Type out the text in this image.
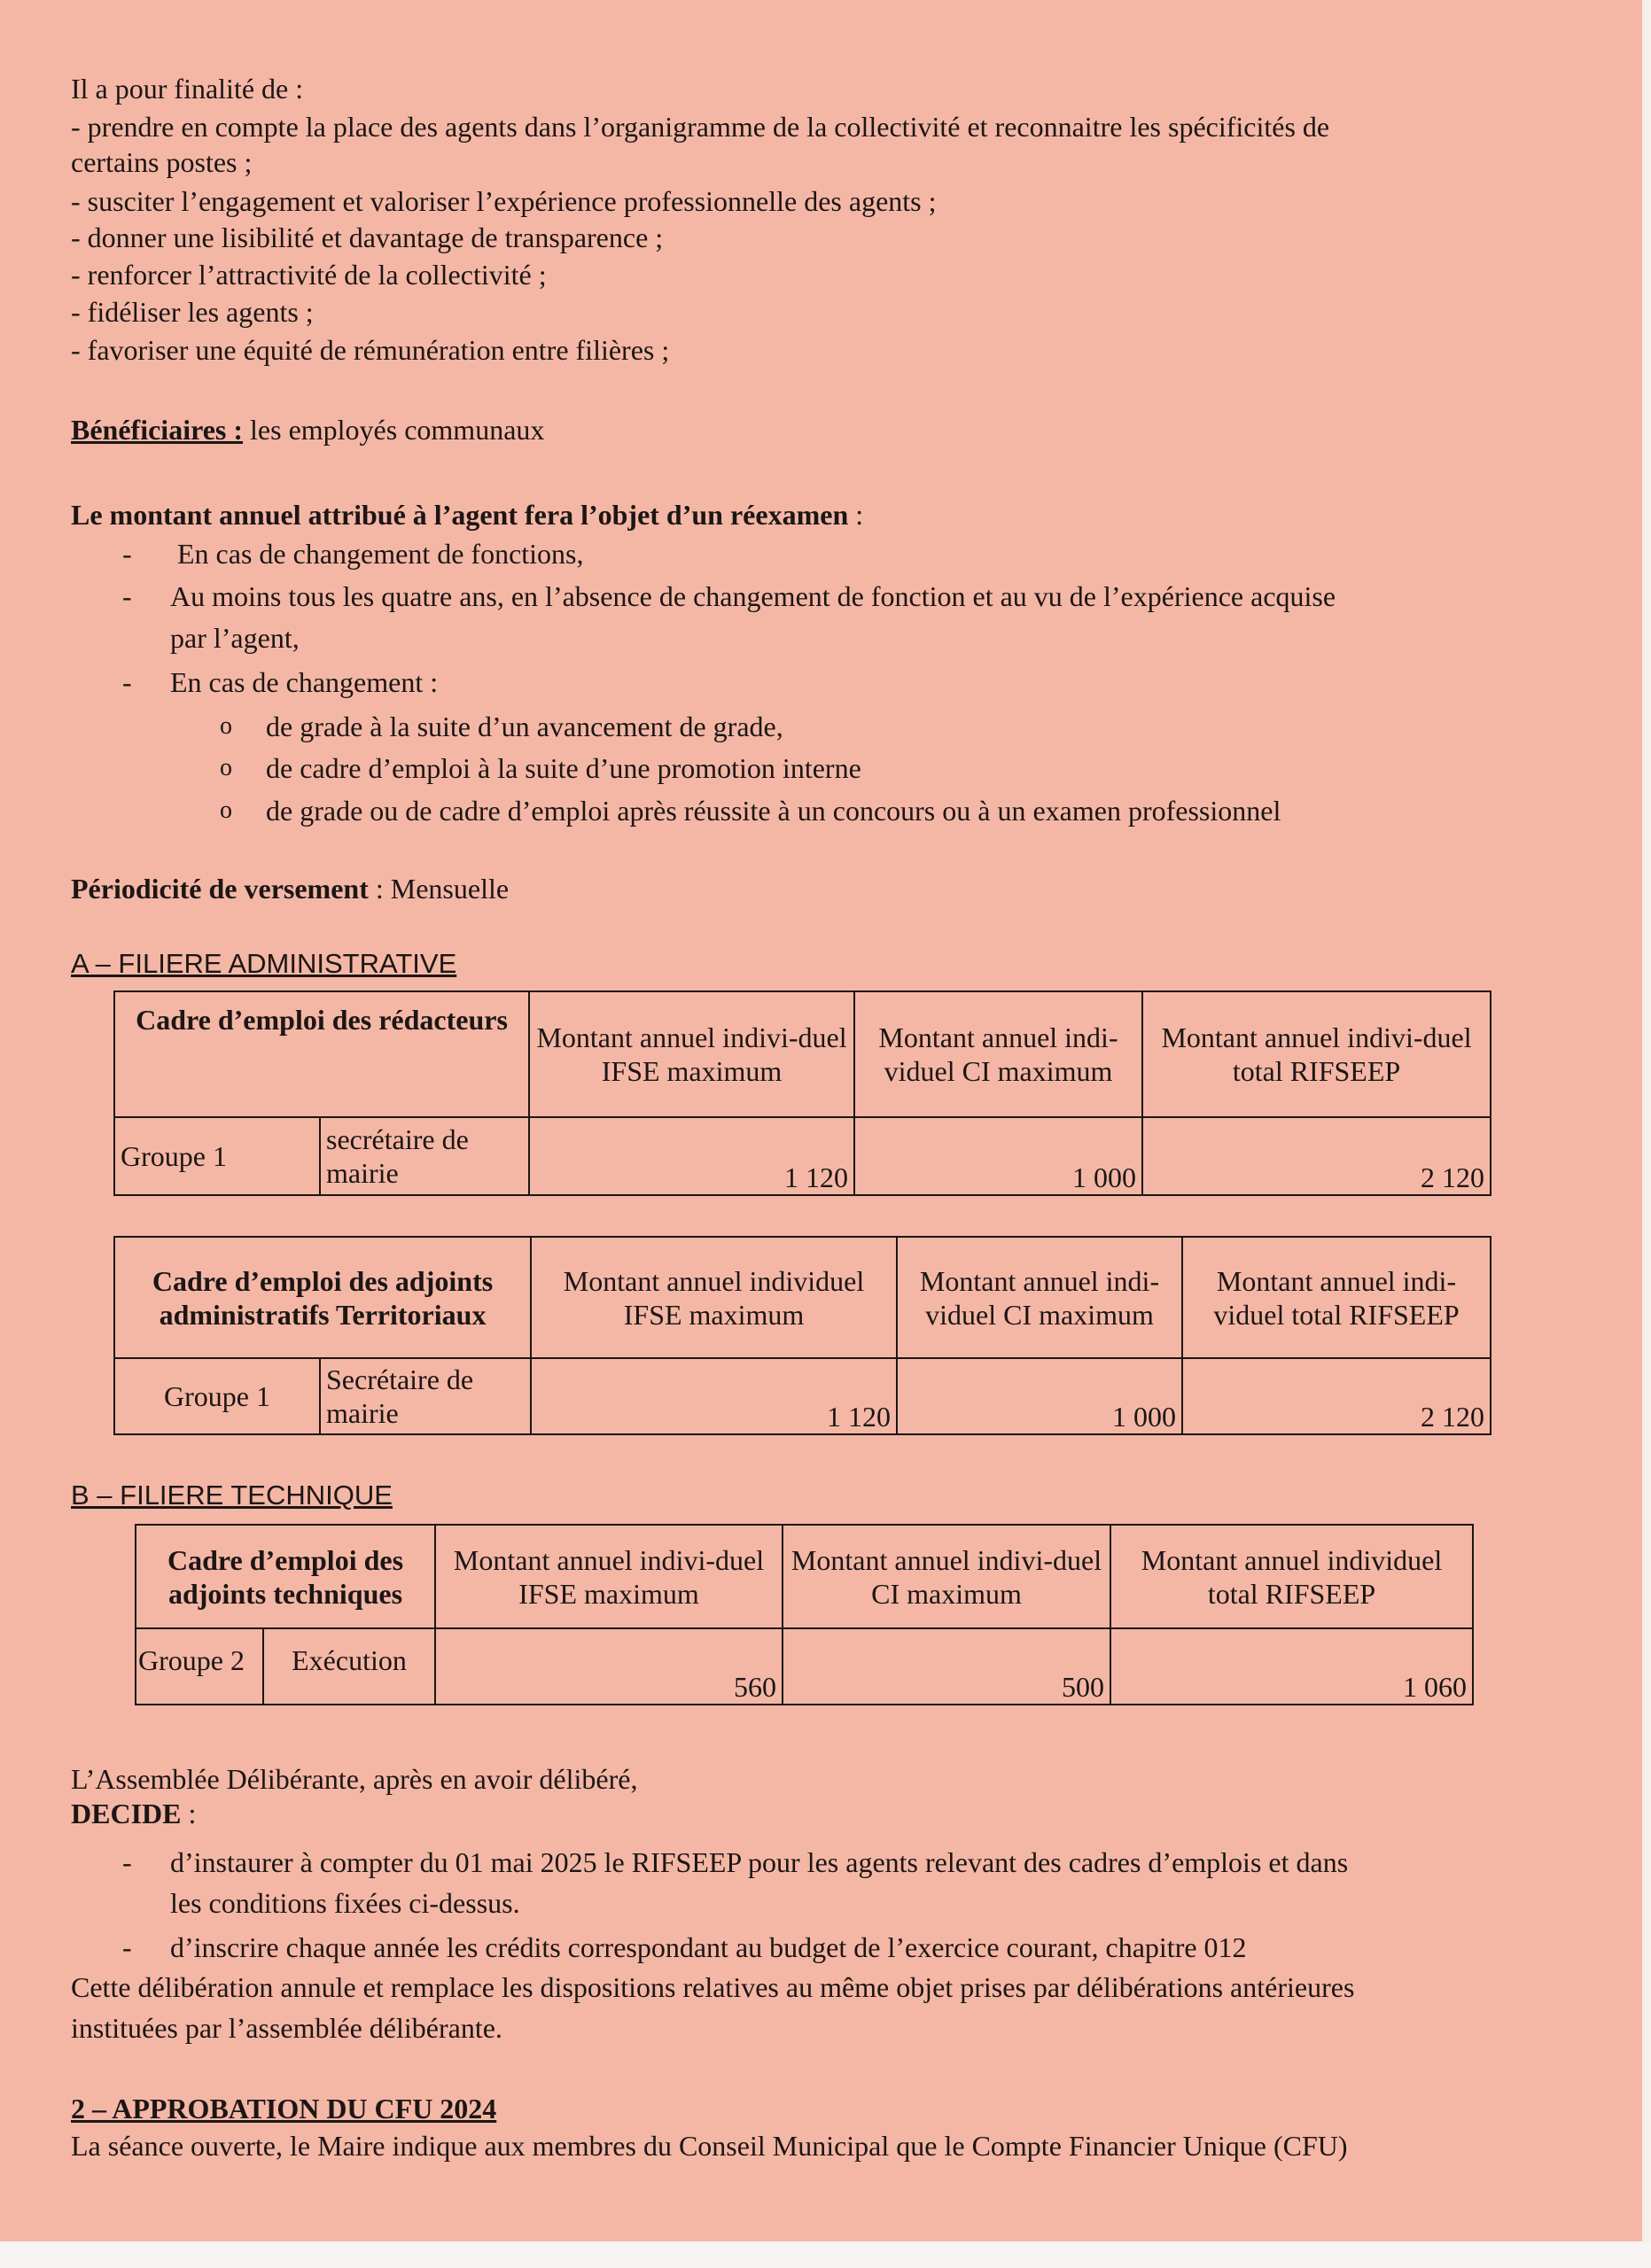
Il a pour finalité de :
- prendre en compte la place des agents dans l’organigramme de la collectivité et reconnaitre les spécificités de
certains postes ;
- susciter l’engagement et valoriser l’expérience professionnelle des agents ;
- donner une lisibilité et davantage de transparence ;
- renforcer l’attractivité de la collectivité ;
- fidéliser les agents ;
- favoriser une équité de rémunération entre filières ;
Bénéficiaires : les employés communaux
Le montant annuel attribué à l’agent fera l’objet d’un réexamen :
- En cas de changement de fonctions,
- Au moins tous les quatre ans, en l’absence de changement de fonction et au vu de l’expérience acquise
par l’agent,
- En cas de changement :
o de grade à la suite d’un avancement de grade,
o de cadre d’emploi à la suite d’une promotion interne
o de grade ou de cadre d’emploi après réussite à un concours ou à un examen professionnel
Périodicité de versement : Mensuelle
A – FILIERE ADMINISTRATIVE
Cadre d’emploi des rédacteurs		Montant annuel indivi-duel IFSE maximum	Montant annuel indi-viduel CI maximum	Montant annuel indivi-duel total RIFSEEP
Groupe 1	secrétaire de mairie	1 120	1 000	2 120
Cadre d’emploi des adjoints administratifs Territoriaux		Montant annuel individuel IFSE maximum	Montant annuel indi-viduel CI maximum	Montant annuel indi-viduel total RIFSEEP
Groupe 1	Secrétaire de mairie	1 120	1 000	2 120
B – FILIERE TECHNIQUE
Cadre d’emploi des adjoints techniques		Montant annuel indivi-duel IFSE maximum	Montant annuel indivi-duel CI maximum	Montant annuel individuel total RIFSEEP
Groupe 2	Exécution	560	500	1 060
L’Assemblée Délibérante, après en avoir délibéré,
DECIDE :
- d’instaurer à compter du 01 mai 2025 le RIFSEEP pour les agents relevant des cadres d’emplois et dans
les conditions fixées ci-dessus.
- d’inscrire chaque année les crédits correspondant au budget de l’exercice courant, chapitre 012
Cette délibération annule et remplace les dispositions relatives au même objet prises par délibérations antérieures
instituées par l’assemblée délibérante.
2 – APPROBATION DU CFU 2024
La séance ouverte, le Maire indique aux membres du Conseil Municipal que le Compte Financier Unique (CFU)
